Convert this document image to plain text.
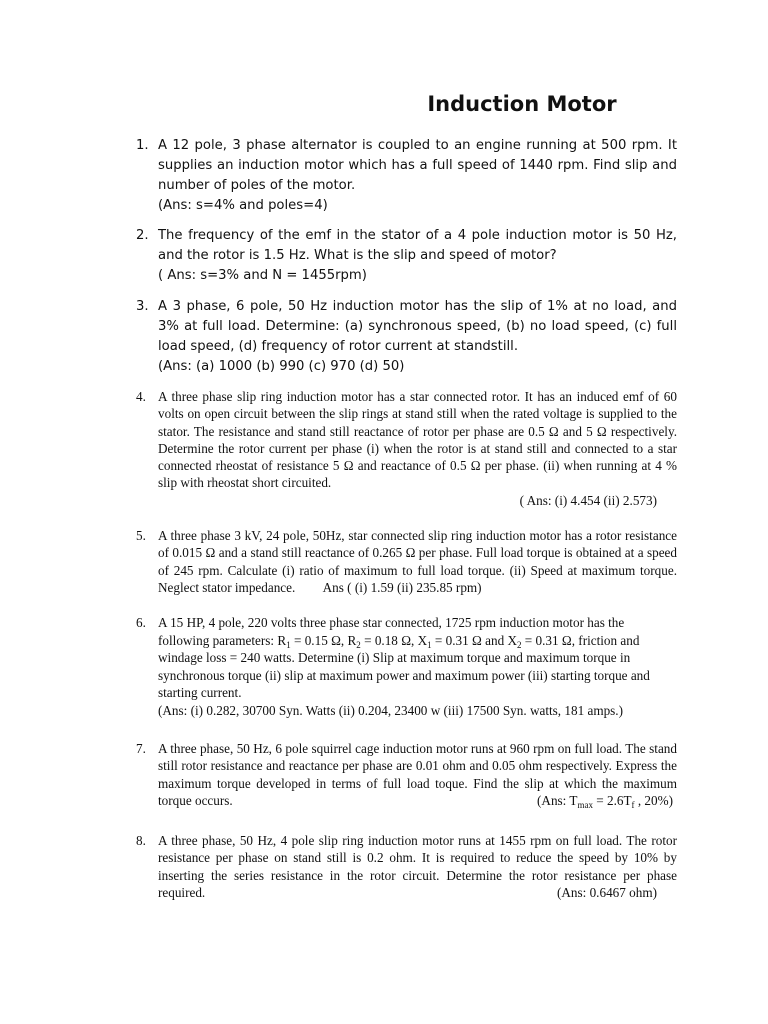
Induction Motor
1. A 12 pole, 3 phase alternator is coupled to an engine running at 500 rpm. It supplies an induction motor which has a full speed of 1440 rpm. Find slip and number of poles of the motor.
(Ans: s=4% and poles=4)
2. The frequency of the emf in the stator of a 4 pole induction motor is 50 Hz, and the rotor is 1.5 Hz. What is the slip and speed of motor?
( Ans: s=3% and N = 1455rpm)
3. A 3 phase, 6 pole, 50 Hz induction motor has the slip of 1% at no load, and 3% at full load. Determine: (a) synchronous speed, (b) no load speed, (c) full load speed, (d) frequency of rotor current at standstill.
(Ans: (a) 1000 (b) 990 (c) 970 (d) 50)
4. A three phase slip ring induction motor has a star connected rotor. It has an induced emf of 60 volts on open circuit between the slip rings at stand still when the rated voltage is supplied to the stator. The resistance and stand still reactance of rotor per phase are 0.5 Ω and 5 Ω respectively. Determine the rotor current per phase (i) when the rotor is at stand still and connected to a star connected rheostat of resistance 5 Ω and reactance of 0.5 Ω per phase. (ii) when running at 4 % slip with rheostat short circuited.
( Ans: (i) 4.454 (ii) 2.573)
5. A three phase 3 kV, 24 pole, 50Hz, star connected slip ring induction motor has a rotor resistance of 0.015 Ω and a stand still reactance of 0.265 Ω per phase. Full load torque is obtained at a speed of 245 rpm. Calculate (i) ratio of maximum to full load torque. (ii) Speed at maximum torque. Neglect stator impedance. Ans ( (i) 1.59 (ii) 235.85 rpm)
6. A 15 HP, 4 pole, 220 volts three phase star connected, 1725 rpm induction motor has the following parameters: $R_1 = 0.15$ Ω, $R_2 = 0.18$ Ω, $X_1 = 0.31$ Ω and $X_2 = 0.31$ Ω, friction and windage loss = 240 watts. Determine (i) Slip at maximum torque and maximum torque in synchronous torque (ii) slip at maximum power and maximum power (iii) starting torque and starting current.
(Ans: (i) 0.282, 30700 Syn. Watts (ii) 0.204, 23400 w (iii) 17500 Syn. watts, 181 amps.)
7. A three phase, 50 Hz, 6 pole squirrel cage induction motor runs at 960 rpm on full load. The stand still rotor resistance and reactance per phase are 0.01 ohm and 0.05 ohm respectively. Express the maximum torque developed in terms of full load toque. Find the slip at which the maximum torque occurs.	(Ans: $T_{max} = 2.6T_f$ , 20%)
8. A three phase, 50 Hz, 4 pole slip ring induction motor runs at 1455 rpm on full load. The rotor resistance per phase on stand still is 0.2 ohm. It is required to reduce the speed by 10% by inserting the series resistance in the rotor circuit. Determine the rotor resistance per phase required.	(Ans: 0.6467 ohm)
